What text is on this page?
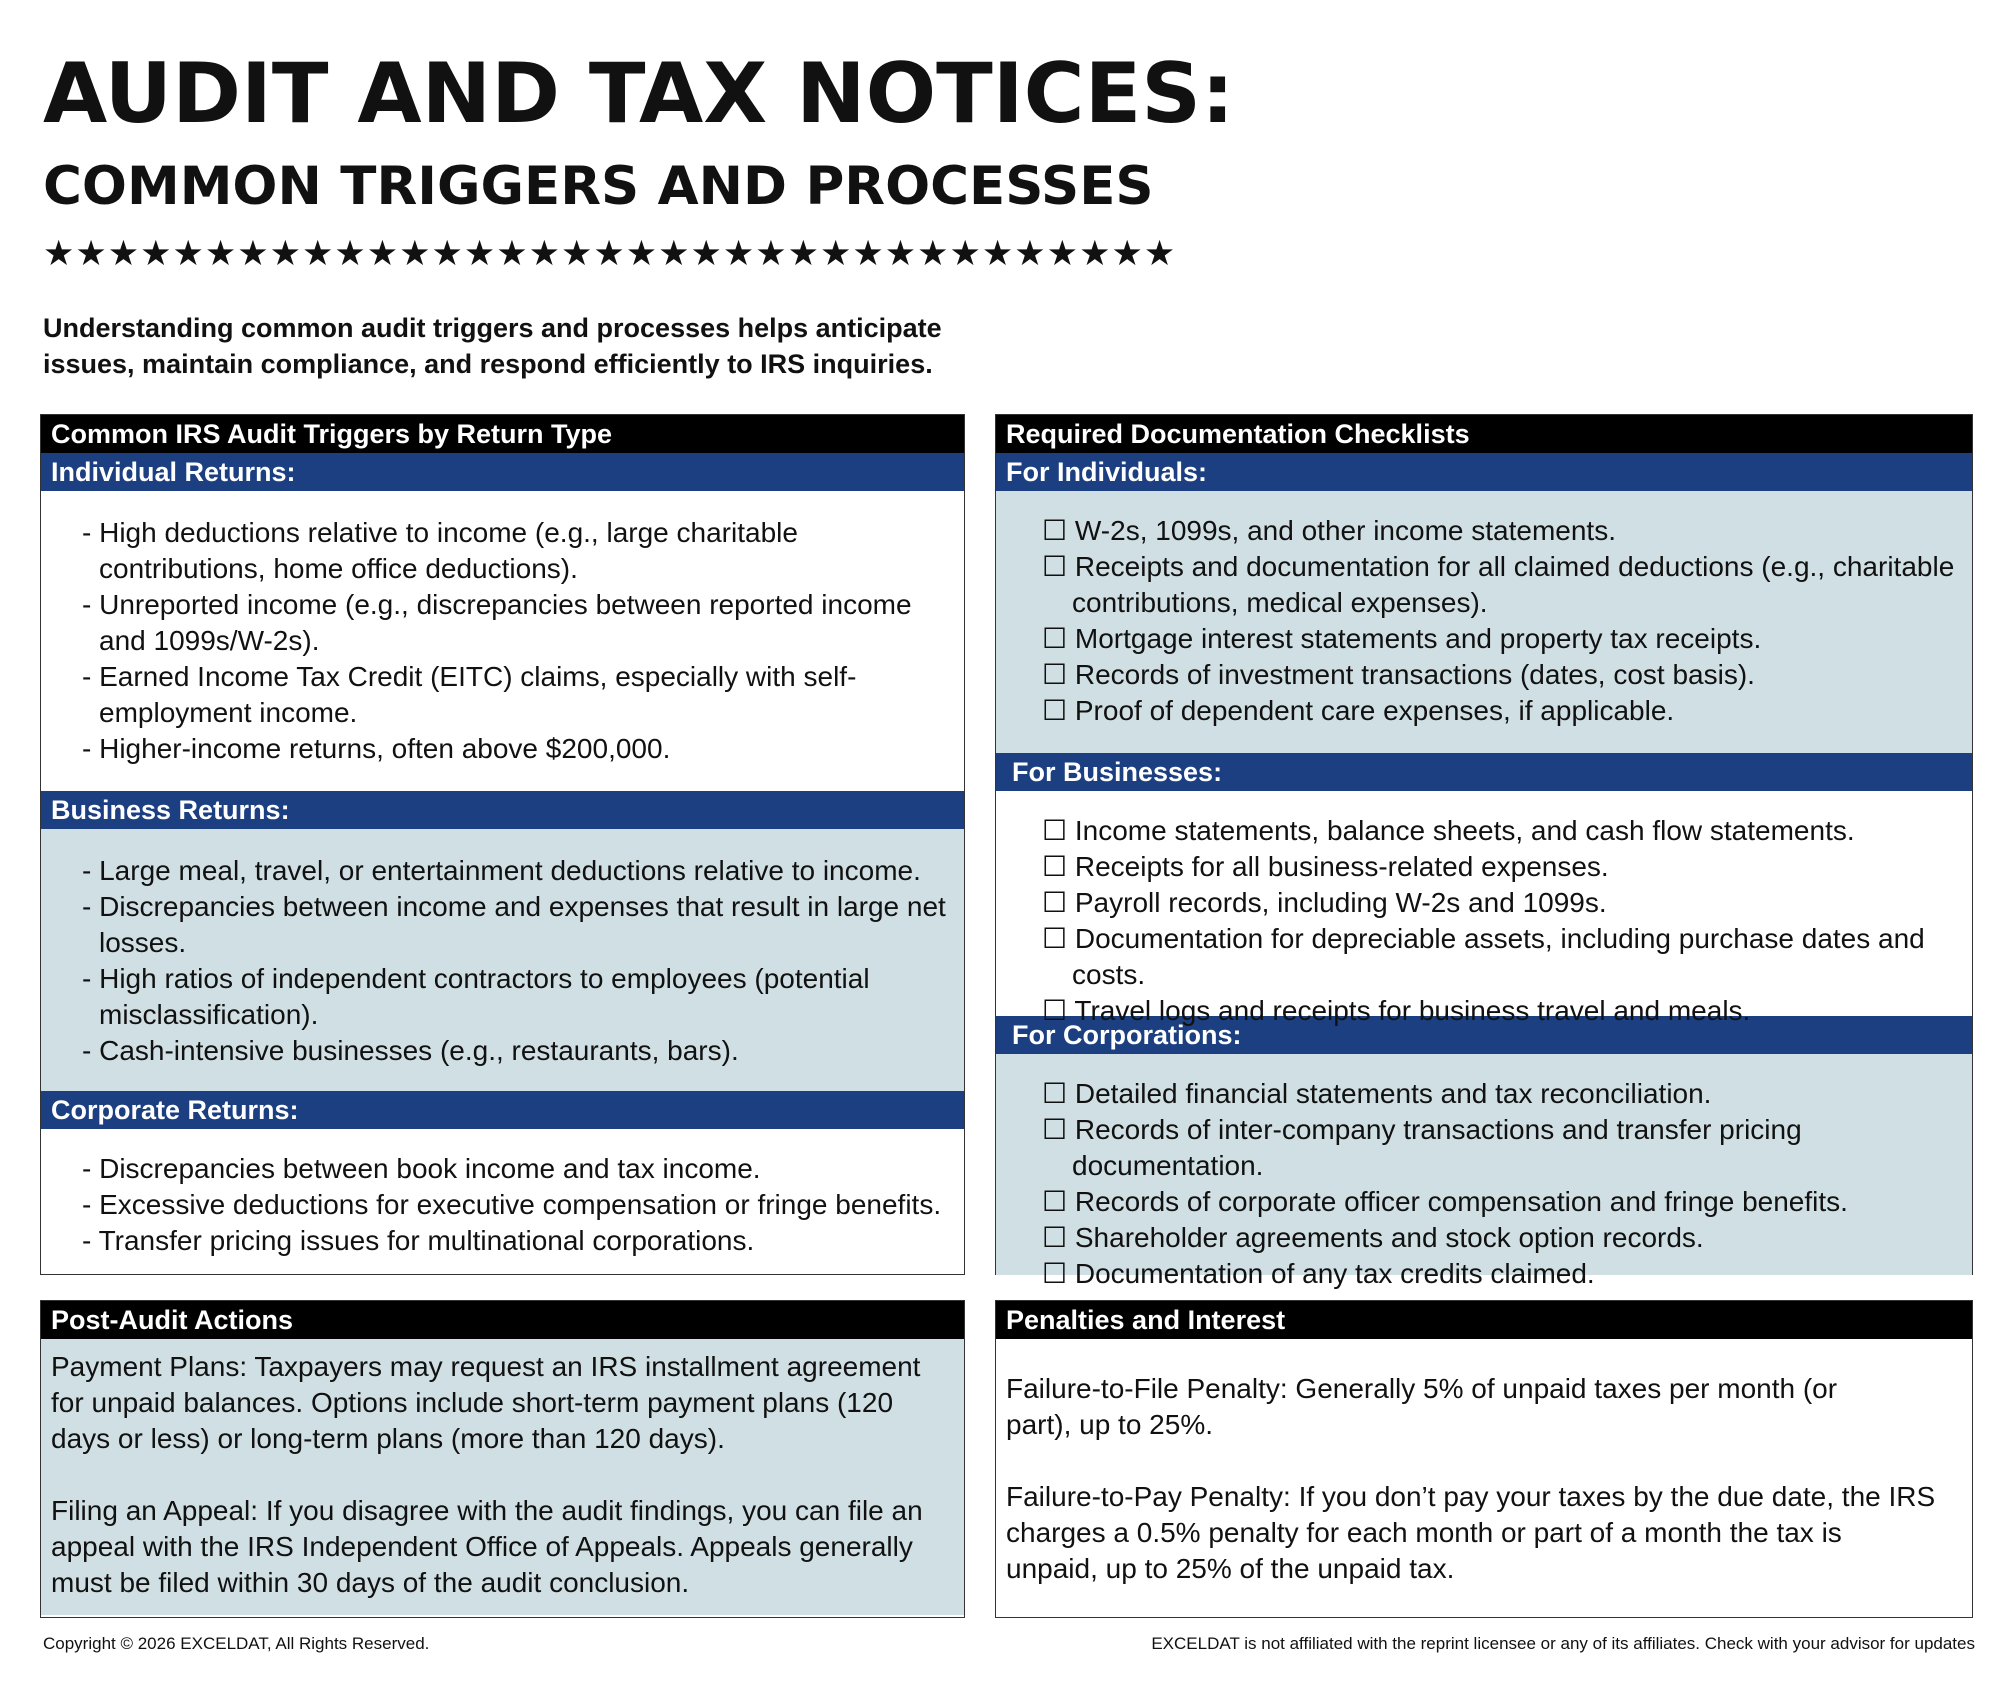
AUDIT AND TAX NOTICES:
COMMON TRIGGERS AND PROCESSES
★★★★★★★★★★★★★★★★★★★★★★★★★★★★★★★★★★★
Understanding common audit triggers and processes helps anticipate issues, maintain compliance, and respond efficiently to IRS inquiries.
Common IRS Audit Triggers by Return Type
Individual Returns:
- High deductions relative to income (e.g., large charitable contributions, home office deductions).
- Unreported income (e.g., discrepancies between reported income and 1099s/W-2s).
- Earned Income Tax Credit (EITC) claims, especially with self-employment income.
- Higher-income returns, often above $200,000.
Business Returns:
- Large meal, travel, or entertainment deductions relative to income.
- Discrepancies between income and expenses that result in large net losses.
- High ratios of independent contractors to employees (potential misclassification).
- Cash-intensive businesses (e.g., restaurants, bars).
Corporate Returns:
- Discrepancies between book income and tax income.
- Excessive deductions for executive compensation or fringe benefits.
- Transfer pricing issues for multinational corporations.
Required Documentation Checklists
For Individuals:
☐ W-2s, 1099s, and other income statements.
☐ Receipts and documentation for all claimed deductions (e.g., charitable contributions, medical expenses).
☐ Mortgage interest statements and property tax receipts.
☐ Records of investment transactions (dates, cost basis).
☐ Proof of dependent care expenses, if applicable.
For Businesses:
☐ Income statements, balance sheets, and cash flow statements.
☐ Receipts for all business-related expenses.
☐ Payroll records, including W-2s and 1099s.
☐ Documentation for depreciable assets, including purchase dates and costs.
☐ Travel logs and receipts for business travel and meals.
For Corporations:
☐ Detailed financial statements and tax reconciliation.
☐ Records of inter-company transactions and transfer pricing documentation.
☐ Records of corporate officer compensation and fringe benefits.
☐ Shareholder agreements and stock option records.
☐ Documentation of any tax credits claimed.
Post-Audit Actions

Payment Plans: Taxpayers may request an IRS installment agreement for unpaid balances. Options include short-term payment plans (120 days or less) or long-term plans (more than 120 days).

Filing an Appeal: If you disagree with the audit findings, you can file an appeal with the IRS Independent Office of Appeals. Appeals generally must be filed within 30 days of the audit conclusion.

Penalties and Interest

Failure-to-File Penalty: Generally 5% of unpaid taxes per month (or part), up to 25%.

Failure-to-Pay Penalty: If you don’t pay your taxes by the due date, the IRS charges a 0.5% penalty for each month or part of a month the tax is unpaid, up to 25% of the unpaid tax.

Copyright © 2026 EXCELDAT, All Rights Reserved.	EXCELDAT is not affiliated with the reprint licensee or any of its affiliates. Check with your advisor for updates
